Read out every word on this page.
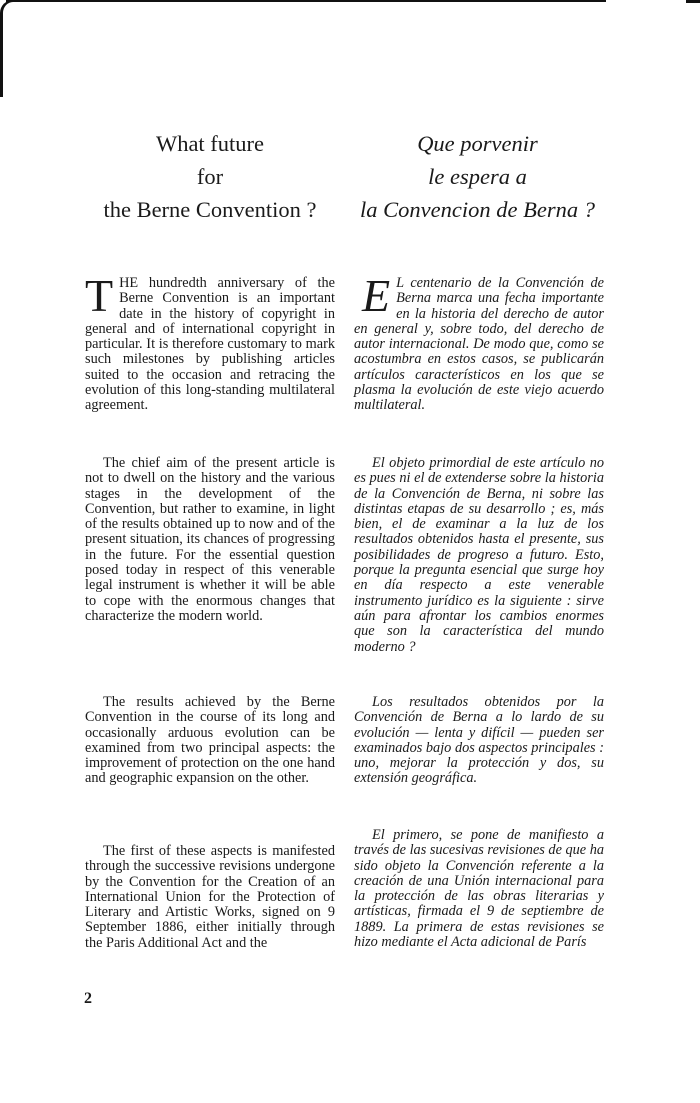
What future
for
the Berne Convention ?
Que porvenir
le espera a
la Convencion de Berna ?

THE hundredth anniversary of the Berne Convention is an important date in the history of copyright in general and of international copyright in particular. It is therefore customary to mark such milestones by publishing articles suited to the occasion and retracing the evolution of this long-standing multilateral agreement.

The chief aim of the present article is not to dwell on the history and the various stages in the development of the Convention, but rather to examine, in light of the results obtained up to now and of the present situation, its chances of progressing in the future. For the essential question posed today in respect of this venerable legal instrument is whether it will be able to cope with the enormous changes that characterize the modern world.

The results achieved by the Berne Convention in the course of its long and occasionally arduous evolution can be examined from two principal aspects: the improvement of protection on the one hand and geographic expansion on the other.

The first of these aspects is manifested through the successive revisions undergone by the Convention for the Creation of an International Union for the Protection of Literary and Artistic Works, signed on 9 September 1886, either initially through the Paris Additional Act and the

E L centenario de la Convención de Berna marca una fecha importante en la historia del derecho de autor en general y, sobre todo, del derecho de autor internacional. De modo que, como se acostumbra en estos casos, se publicarán artículos característicos en los que se plasma la evolución de este viejo acuerdo multilateral.

El objeto primordial de este artículo no es pues ni el de extenderse sobre la historia de la Convención de Berna, ni sobre las distintas etapas de su desarrollo ; es, más bien, el de examinar a la luz de los resultados obtenidos hasta el presente, sus posibilidades de progreso a futuro. Esto, porque la pregunta esencial que surge hoy en día respecto a este venerable instrumento jurídico es la siguiente : sirve aún para afrontar los cambios enormes que son la característica del mundo moderno ?

Los resultados obtenidos por la Convención de Berna a lo lardo de su evolución — lenta y difícil — pueden ser examinados bajo dos aspectos principales : uno, mejorar la protección y dos, su extensión geográfica.

El primero, se pone de manifiesto a través de las sucesivas revisiones de que ha sido objeto la Convención referente a la creación de una Unión internacional para la protección de las obras literarias y artísticas, firmada el 9 de septiembre de 1889. La primera de estas revisiones se hizo mediante el Acta adicional de París

2
